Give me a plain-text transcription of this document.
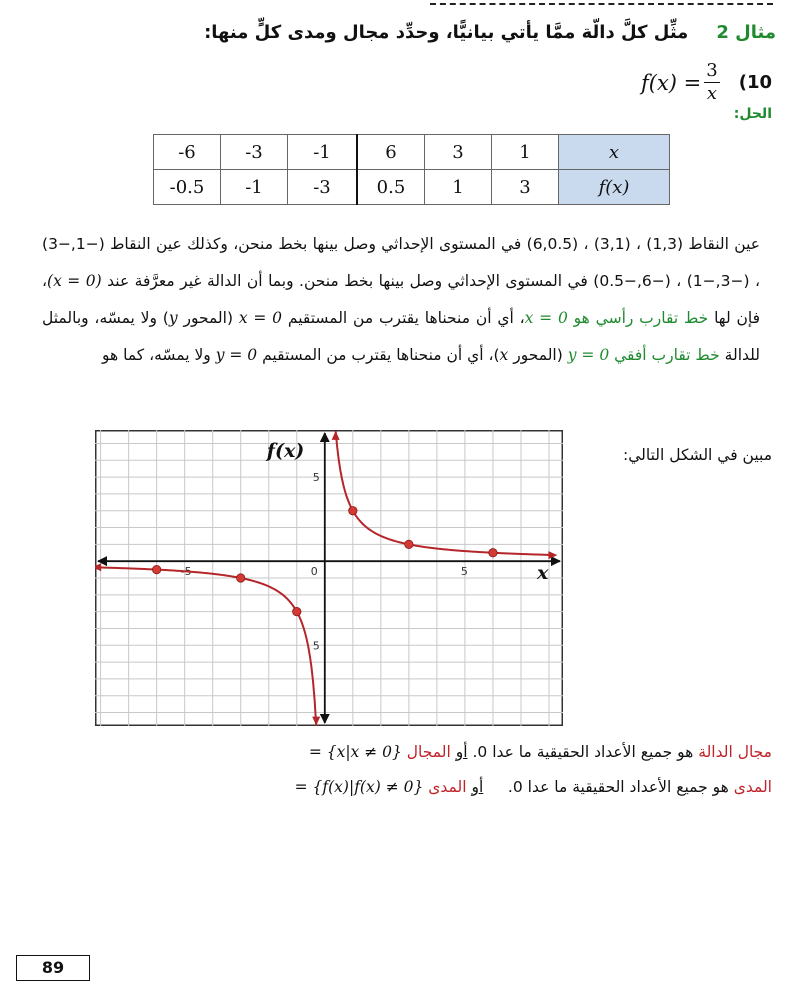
مثال 2مثِّل كلَّ دالّة ممَّا يأتي بيانيًّا، وحدِّد مجال ومدى كلٍّ منها:
$f(x) = \frac{3}{x} (10$
الحل:
-6	-3	-1	6	3	1	x
-0.5	-1	-3	0.5	1	3	f(x)
عين النقاط (1,3) ، (3,1) ، (6,0.5) في المستوى الإحداثي وصل بينها بخط منحن، وكذلك عين النقاط (−1,−3) ، (−3,−1) ، (−6,−0.5) في المستوى الإحداثي وصل بينها بخط منحن. وبما أن الدالة غير معرَّفة عند (x = 0)، فإن لها خط تقارب رأسي هو x = 0، أي أن منحناها يقترب من المستقيم x = 0 (المحور y) ولا يمسّه، وبالمثل للدالة خط تقارب أفقي y = 0 (المحور x)، أي أن منحناها يقترب من المستقيم y = 0 ولا يمسّه، كما هو
مبين في الشكل التالي:
-5	0	5
5
5
x
f(x)
مجال الدالة هو جميع الأعداد الحقيقية ما عدا 0. أو المجال = {x|x ≠ 0}
المدى هو جميع الأعداد الحقيقية ما عدا 0.     أو المدى = {f(x)|f(x) ≠ 0}
89
